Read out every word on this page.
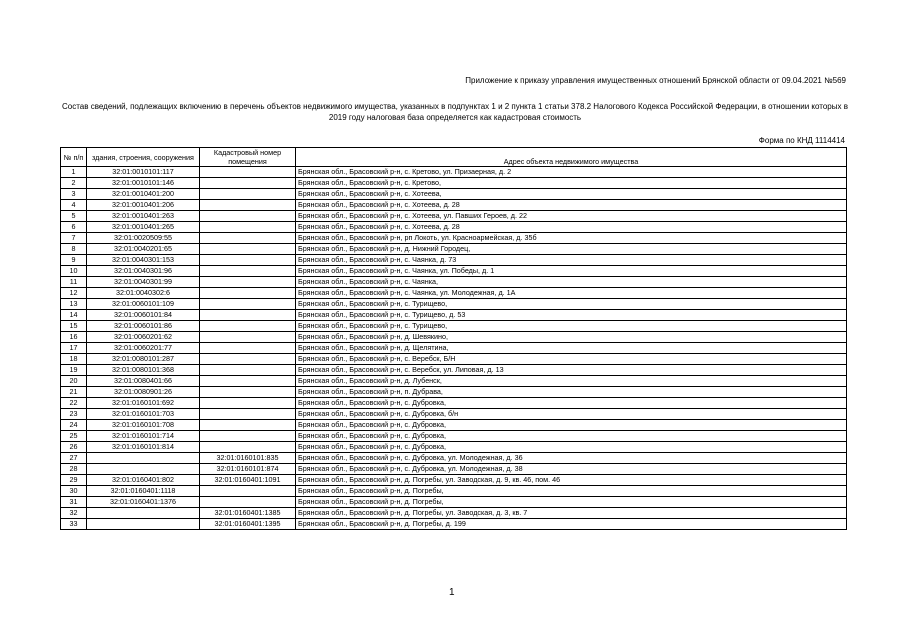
Приложение к приказу управления имущественных отношений Брянской области от 09.04.2021 №569
Состав сведений, подлежащих включению в перечень объектов недвижимого имущества, указанных в подпунктах 1 и 2 пункта 1 статьи 378.2 Налогового Кодекса Российской Федерации, в отношении которых в 2019 году налоговая база определяется как кадастровая стоимость
Форма по КНД 1114414
№ п/п	здания, строения, сооружения	Кадастровый номер помещения	Адрес объекта недвижимого имущества
1	32:01:0010101:117		Брянская обл., Брасовский р-н, с. Кретово, ул. Призаерная, д. 2
2	32:01:0010101:146		Брянская обл., Брасовский р-н, с. Кретово,
3	32:01:0010401:200		Брянская обл., Брасовский р-н, с. Хотеева,
4	32:01:0010401:206		Брянская обл., Брасовский р-н, с. Хотеева, д. 28
5	32:01:0010401:263		Брянская обл., Брасовский р-н, с. Хотеева, ул. Павших Героев, д. 22
6	32:01:0010401:265		Брянская обл., Брасовский р-н, с. Хотеева, д. 28
7	32:01:0020509:55		Брянская обл., Брасовский р-н, рп Локоть, ул. Красноармейская, д. 35б
8	32:01:0040201:65		Брянская обл., Брасовский р-н, д. Нижний Городец,
9	32:01:0040301:153		Брянская обл., Брасовский р-н, с. Чаянка, д. 73
10	32:01:0040301:96		Брянская обл., Брасовский р-н, с. Чаянка, ул. Победы, д. 1
11	32:01:0040301:99		Брянская обл., Брасовский р-н, с. Чаянка,
12	32:01:0040302:6		Брянская обл., Брасовский р-н, с. Чаянка, ул. Молодежная, д. 1А
13	32:01:0060101:109		Брянская обл., Брасовский р-н, с. Турищево,
14	32:01:0060101:84		Брянская обл., Брасовский р-н, с. Турищево, д. 53
15	32:01:0060101:86		Брянская обл., Брасовский р-н, с. Турищево,
16	32:01:0060201:62		Брянская обл., Брасовский р-н, д. Шевякино,
17	32:01:0060201:77		Брянская обл., Брасовский р-н, д. Щелятина,
18	32:01:0080101:287		Брянская обл., Брасовский р-н, с. Веребск, Б/Н
19	32:01:0080101:368		Брянская обл., Брасовский р-н, с. Веребск, ул. Липовая, д. 13
20	32:01:0080401:66		Брянская обл., Брасовский р-н, д. Лубенск,
21	32:01:0080901:26		Брянская обл., Брасовский р-н, п. Дубрава,
22	32:01:0160101:692		Брянская обл., Брасовский р-н, с. Дубровка,
23	32:01:0160101:703		Брянская обл., Брасовский р-н, с. Дубровка, б/н
24	32:01:0160101:708		Брянская обл., Брасовский р-н, с. Дубровка,
25	32:01:0160101:714		Брянская обл., Брасовский р-н, с. Дубровка,
26	32:01:0160101:814		Брянская обл., Брасовский р-н, с. Дубровка,
27		32:01:0160101:835	Брянская обл., Брасовский р-н, с. Дубровка, ул. Молодежная, д. 36
28		32:01:0160101:874	Брянская обл., Брасовский р-н, с. Дубровка, ул. Молодежная, д. 38
29	32:01:0160401:802	32:01:0160401:1091	Брянская обл., Брасовский р-н, д. Погребы, ул. Заводская, д. 9, кв. 46, пом. 46
30	32:01:0160401:1118		Брянская обл., Брасовский р-н, д. Погребы,
31	32:01:0160401:1376		Брянская обл., Брасовский р-н, д. Погребы,
32		32:01:0160401:1385	Брянская обл., Брасовский р-н, д. Погребы, ул. Заводская, д. 3, кв. 7
33		32:01:0160401:1395	Брянская обл., Брасовский р-н, д. Погребы, д. 199
1
